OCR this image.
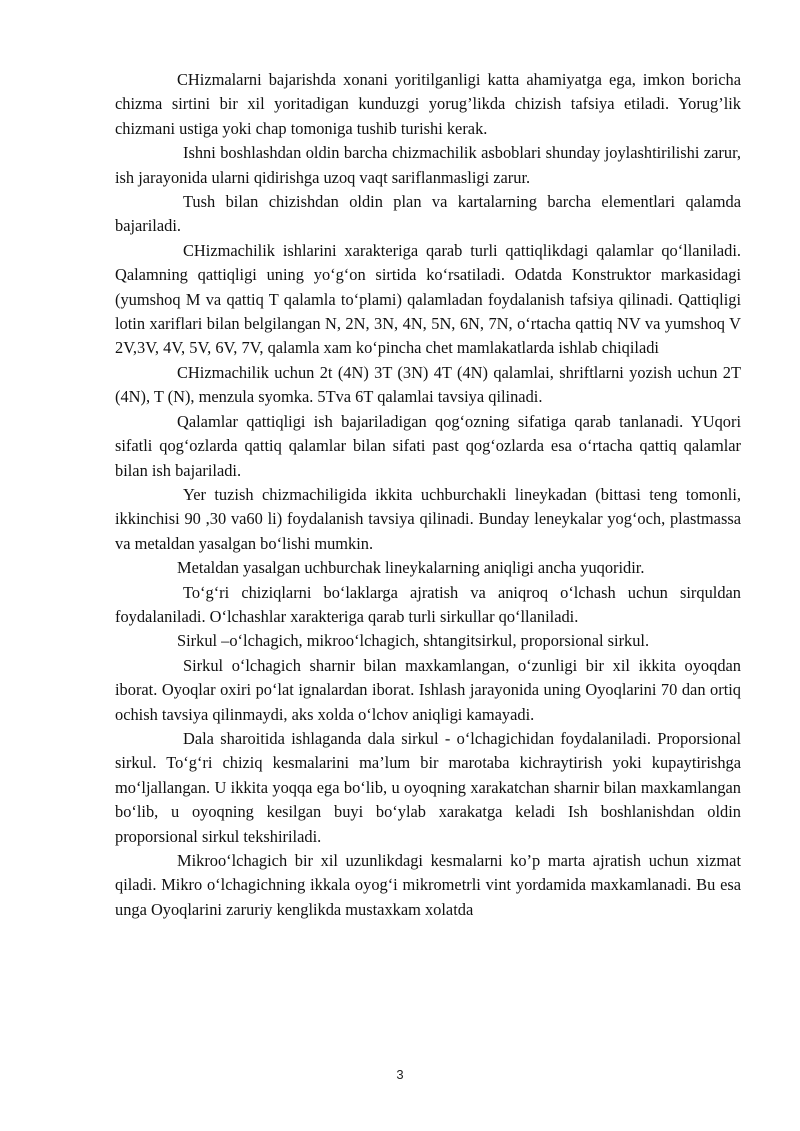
CHizmalarni bajarishda xonani yoritilganligi katta ahamiyatga ega, imkon boricha chizma sirtini bir xil yoritadigan kunduzgi yorug’likda chizish tafsiya etiladi. Yorug’lik chizmani ustiga yoki chap tomoniga tushib turishi kerak.

Ishni boshlashdan oldin barcha chizmachilik asboblari shunday joylashtirilishi zarur, ish jarayonida ularni qidirishga uzoq vaqt sariflanmasligi zarur.

Tush bilan chizishdan oldin plan va kartalarning barcha elementlari qalamda bajariladi.

CHizmachilik ishlarini xarakteriga qarab turli qattiqlikdagi qalamlar qo‘llaniladi. Qalamning qattiqligi uning yo‘g‘on sirtida ko‘rsatiladi. Odatda Konstruktor markasidagi (yumshoq M va qattiq T qalamla to‘plami) qalamladan foydalanish tafsiya qilinadi. Qattiqligi lotin xariflari bilan belgilangan N, 2N, 3N, 4N, 5N, 6N, 7N, o‘rtacha qattiq NV va yumshoq V 2V,3V, 4V, 5V, 6V, 7V, qalamla xam ko‘pincha chet mamlakatlarda ishlab chiqiladi

CHizmachilik uchun 2t (4N) 3T (3N) 4T (4N) qalamlai, shriftlarni yozish uchun 2T (4N), T (N), menzula syomka. 5Tva 6T qalamlai tavsiya qilinadi.

Qalamlar qattiqligi ish bajariladigan qog‘ozning sifatiga qarab tanlanadi. YUqori sifatli qog‘ozlarda qattiq qalamlar bilan sifati past qog‘ozlarda esa o‘rtacha qattiq qalamlar bilan ish bajariladi.

Yer tuzish chizmachiligida ikkita uchburchakli lineykadan (bittasi teng tomonli, ikkinchisi 90 ,30 va60 li) foydalanish tavsiya qilinadi. Bunday leneykalar yog‘och, plastmassa va metaldan yasalgan bo‘lishi mumkin.

Metaldan yasalgan uchburchak lineykalarning aniqligi ancha yuqoridir.

To‘g‘ri chiziqlarni bo‘laklarga ajratish va aniqroq o‘lchash uchun sirquldan foydalaniladi. O‘lchashlar xarakteriga qarab turli sirkullar qo‘llaniladi.

Sirkul –o‘lchagich, mikroo‘lchagich, shtangitsirkul, proporsional sirkul.

Sirkul o‘lchagich sharnir bilan maxkamlangan, o‘zunligi bir xil ikkita oyoqdan iborat. Oyoqlar oxiri po‘lat ignalardan iborat. Ishlash jarayonida uning Oyoqlarini 70 dan ortiq ochish tavsiya qilinmaydi, aks xolda o‘lchov aniqligi kamayadi.

Dala sharoitida ishlaganda dala sirkul - o‘lchagichidan foydalaniladi. Proporsional sirkul. To‘g‘ri chiziq kesmalarini ma’lum bir marotaba kichraytirish yoki kupaytirishga mo‘ljallangan. U ikkita yoqqa ega bo‘lib, u oyoqning xarakatchan sharnir bilan maxkamlangan bo‘lib, u oyoqning kesilgan buyi bo‘ylab xarakatga keladi Ish boshlanishdan oldin proporsional sirkul tekshiriladi.

Mikroo‘lchagich bir xil uzunlikdagi kesmalarni ko’p marta ajratish uchun xizmat qiladi. Mikro o‘lchagichning ikkala oyog‘i mikrometrli vint yordamida maxkamlanadi. Bu esa unga Oyoqlarini zaruriy kenglikda mustaxkam xolatda

3
